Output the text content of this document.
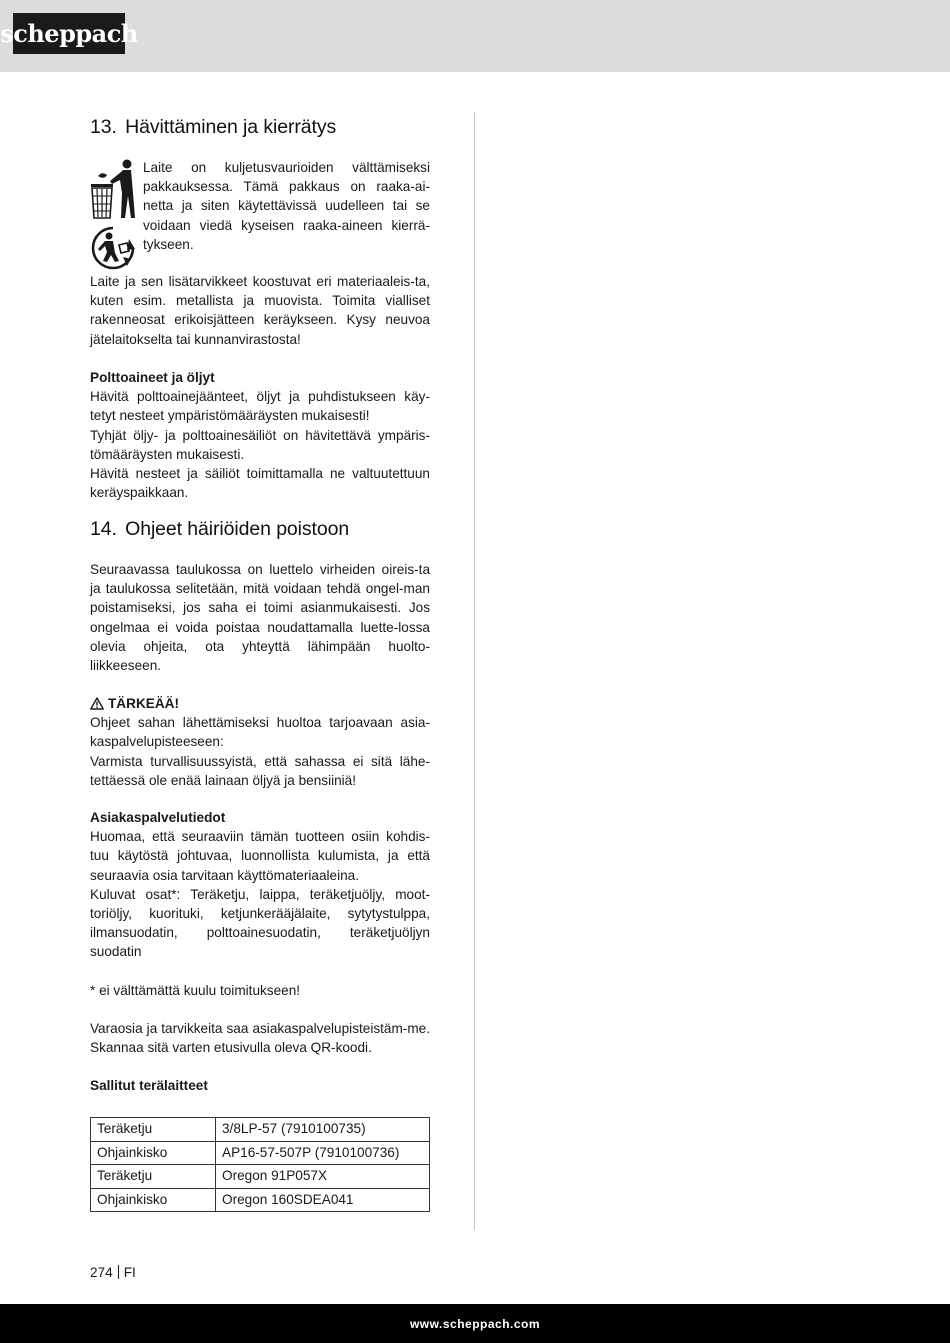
scheppach
13. Hävittäminen ja kierrätys

Laite on kuljetusvaurioiden välttämiseksi pakkauksessa. Tämä pakkaus on raaka-ai-netta ja siten käytettävissä uudelleen tai se voidaan viedä kyseisen raaka-aineen kierrä-tykseen.

Laite ja sen lisätarvikkeet koostuvat eri materiaaleis-ta, kuten esim. metallista ja muovista. Toimita vialliset rakenneosat erikoisjätteen keräykseen. Kysy neuvoa jätelaitokselta tai kunnanvirastosta!

Polttoaineet ja öljyt

Hävitä polttoainejäänteet, öljyt ja puhdistukseen käy-tetyt nesteet ympäristömääräysten mukaisesti!

Tyhjät öljy- ja polttoainesäiliöt on hävitettävä ympäris-tömääräysten mukaisesti.

Hävitä nesteet ja säiliöt toimittamalla ne valtuutettuun keräyspaikkaan.

14. Ohjeet häiriöiden poistoon

Seuraavassa taulukossa on luettelo virheiden oireis-ta ja taulukossa selitetään, mitä voidaan tehdä ongel-man poistamiseksi, jos saha ei toimi asianmukaisesti. Jos ongelmaa ei voida poistaa noudattamalla luette-lossa olevia ohjeita, ota yhteyttä lähimpään huolto-liikkeeseen.

TÄRKEÄÄ!

Ohjeet sahan lähettämiseksi huoltoa tarjoavaan asia-kaspalvelupisteeseen:

Varmista turvallisuussyistä, että sahassa ei sitä lähe-tettäessä ole enää lainaan öljyä ja bensiiniä!

Asiakaspalvelutiedot

Huomaa, että seuraaviin tämän tuotteen osiin kohdis-tuu käytöstä johtuvaa, luonnollista kulumista, ja että seuraavia osia tarvitaan käyttömateriaaleina.

Kuluvat osat*: Teräketju, laippa, teräketjuöljy, moot-toriöljy, kuorituki, ketjunkerääjälaite, sytytystulppa, ilmansuodatin, polttoainesuodatin, teräketjuöljyn suodatin

* ei välttämättä kuulu toimitukseen!

Varaosia ja tarvikkeita saa asiakaspalvelupisteistäm-me. Skannaa sitä varten etusivulla oleva QR-koodi.

Sallitut terälaitteet

Teräketju	3/8LP-57 (7910100735)
Ohjainkisko	AP16-57-507P (7910100736)
Teräketju	Oregon 91P057X
Ohjainkisko	Oregon 160SDEA041
274 FI
www.scheppach.com
